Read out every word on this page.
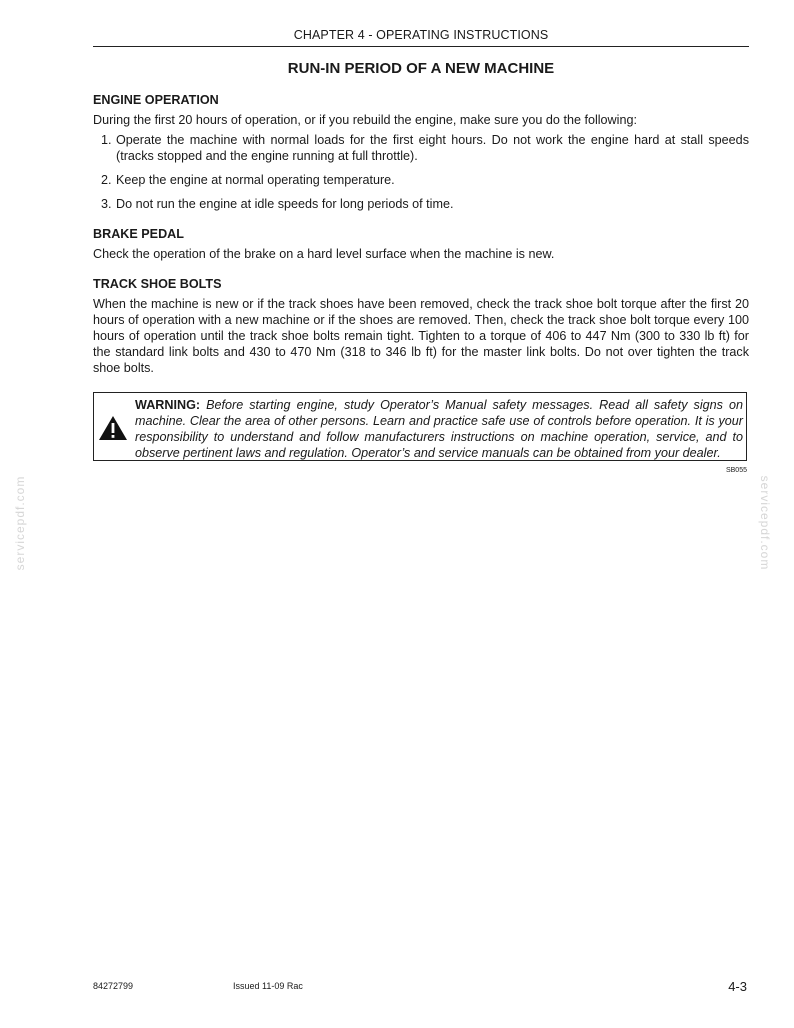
CHAPTER 4 - OPERATING INSTRUCTIONS
RUN-IN PERIOD OF A NEW MACHINE
ENGINE OPERATION

During the first 20 hours of operation, or if you rebuild the engine, make sure you do the following:

1. Operate the machine with normal loads for the first eight hours. Do not work the engine hard at stall speeds (tracks stopped and the engine running at full throttle).
2. Keep the engine at normal operating temperature.
3. Do not run the engine at idle speeds for long periods of time.
BRAKE PEDAL

Check the operation of the brake on a hard level surface when the machine is new.

TRACK SHOE BOLTS

When the machine is new or if the track shoes have been removed, check the track shoe bolt torque after the first 20 hours of operation with a new machine or if the shoes are removed. Then, check the track shoe bolt torque every 100 hours of operation until the track shoe bolts remain tight. Tighten to a torque of 406 to 447 Nm (300 to 330 lb ft) for the standard link bolts and 430 to 470 Nm (318 to 346 lb ft) for the master link bolts. Do not over tighten the track shoe bolts.

WARNING: Before starting engine, study Operator’s Manual safety messages. Read all safety signs on machine. Clear the area of other persons. Learn and practice safe use of controls before operation. It is your responsibility to understand and follow manufacturers instructions on machine operation, service, and to observe pertinent laws and regulation. Operator’s and service manuals can be obtained from your dealer.
SB055
servicepdf.com	servicepdf.com
84272799	Issued 11-09 Rac	4-3
